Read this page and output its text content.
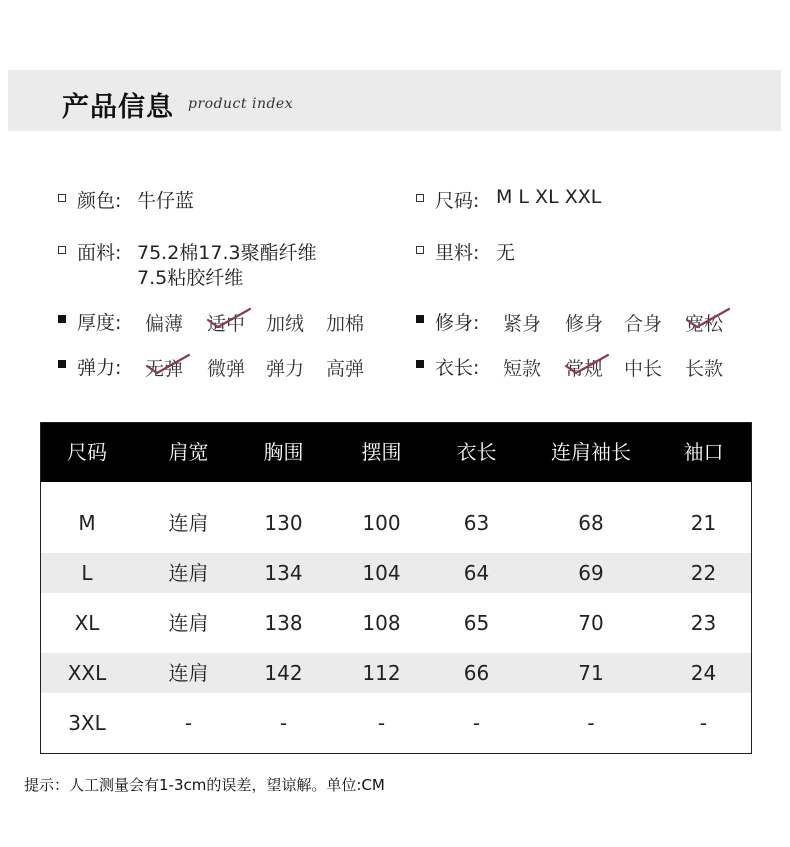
产品信息 product index
颜色: 牛仔蓝	尺码: M L XL XXL
面料: 75.2棉17.3聚酯纤维
7.5粘胶纤维
里料: 无
厚度: 偏薄 适中 加绒 加棉	修身: 紧身 修身 合身 宽松
弹力: 无弹 微弹 弹力 高弹	衣长: 短款 常规 中长 长款
尺码	肩宽	胸围	摆围	衣长	连肩袖长	袖口
M	连肩	130	100	63	68	21
L	连肩	134	104	64	69	22
XL	连肩	138	108	65	70	23
XXL	连肩	142	112	66	71	24
3XL	-	-	-	-	-	-
提示：人工测量会有1-3cm的误差，望谅解。单位:CM
